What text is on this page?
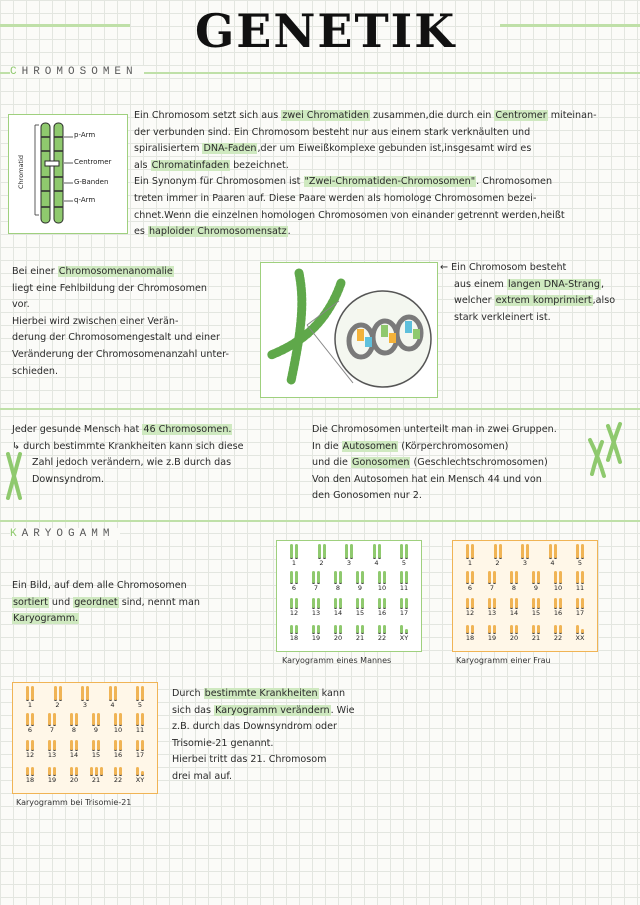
GENETIK
CHROMOSOMEN
p-Arm
Centromer
G-Banden
q-Arm
Chromatid
Ein Chromosom setzt sich aus zwei Chromatiden zusammen,die durch ein Centromer miteinan-
der verbunden sind. Ein Chromosom besteht nur aus einem stark verknäulten und
spiralisiertem DNA-Faden,der um Eiweißkomplexe gebunden ist,insgesamt wird es
als Chromatinfaden bezeichnet.
Ein Synonym für Chromosomen ist "Zwei-Chromatiden-Chromosomen". Chromosomen
treten immer in Paaren auf. Diese Paare werden als homologe Chromosomen bezei-
chnet.Wenn die einzelnen homologen Chromosomen von einander getrennt werden,heißt
es haploider Chromosomensatz.
Bei einer Chromosomenanomalie
liegt eine Fehlbildung der Chromosomen
vor.
Hierbei wird zwischen einer Verän-
derung der Chromosomengestalt und einer
Veränderung der Chromosomenanzahl unter-
schieden.
← Ein Chromosom besteht
aus einem langen DNA-Strang,
welcher extrem komprimiert,also
stark verkleinert ist.
Jeder gesunde Mensch hat 46 Chromosomen.
↳ durch bestimmte Krankheiten kann sich diese
Zahl jedoch verändern, wie z.B durch das
Downsyndrom.
Die Chromosomen unterteilt man in zwei Gruppen.
In die Autosomen (Körperchromosomen)
und die Gonosomen (Geschlechtschromosomen)
Von den Autosomen hat ein Mensch 44 und von
den Gonosomen nur 2.
KARYOGAMM
Ein Bild, auf dem alle Chromosomen
sortiert und geordnet sind, nennt man
Karyogramm.
1	2	3	4	5
6	7	8	9 10 11
12 13 14 15 16 17
18 19 20 21 22 XY
Karyogramm eines Mannes
1	2	3	4	5
6	7	8	9 10 11
12 13 14 15 16 17
18 19 20 21 22 XX
Karyogramm einer Frau
1	2	3	4	5
6	7	8	9 10 11
12 13 14 15 16 17
18 19 20 21 22 XY
Karyogramm bei Trisomie-21
Durch bestimmte Krankheiten kann
sich das Karyogramm verändern. Wie
z.B. durch das Downsyndrom oder
Trisomie-21 genannt.
Hierbei tritt das 21. Chromosom
drei mal auf.
